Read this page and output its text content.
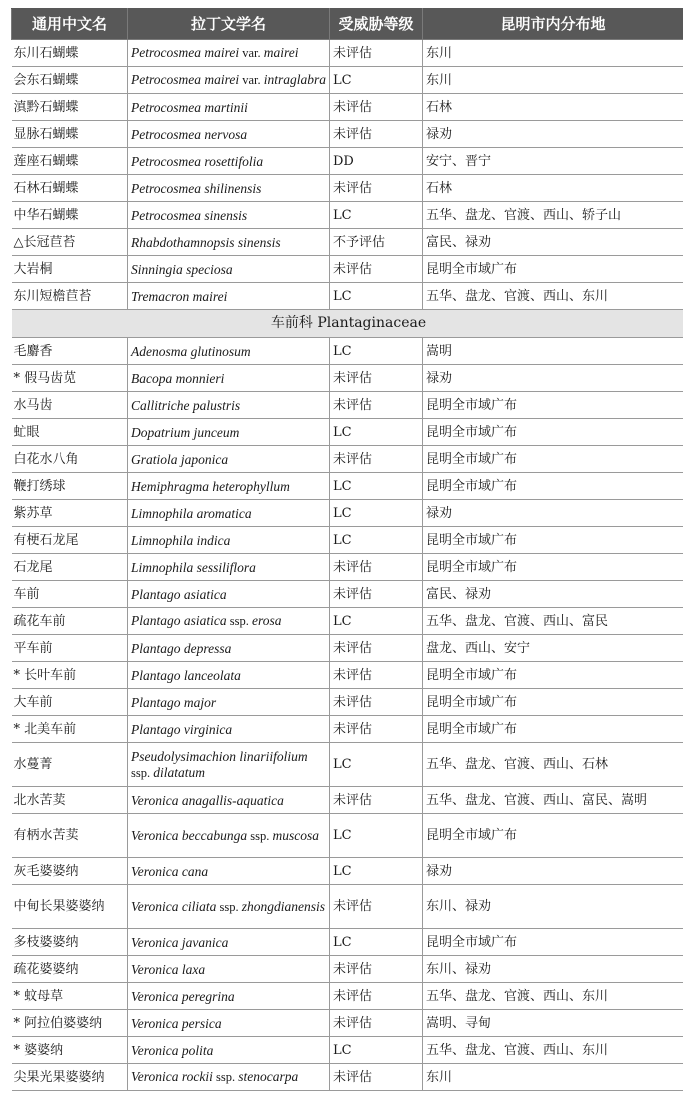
通用中文名	拉丁文学名	受威胁等级	昆明市内分布地
东川石蝴蝶	Petrocosmea mairei var. mairei	未评估	东川
会东石蝴蝶	Petrocosmea mairei var. intraglabra	LC	东川
滇黔石蝴蝶	Petrocosmea martinii	未评估	石林
显脉石蝴蝶	Petrocosmea nervosa	未评估	禄劝
莲座石蝴蝶	Petrocosmea rosettifolia	DD	安宁、晋宁
石林石蝴蝶	Petrocosmea shilinensis	未评估	石林
中华石蝴蝶	Petrocosmea sinensis	LC	五华、盘龙、官渡、西山、轿子山
△长冠苣苔	Rhabdothamnopsis sinensis	不予评估	富民、禄劝
大岩桐	Sinningia speciosa	未评估	昆明全市域广布
东川短檐苣苔	Tremacron mairei	LC	五华、盘龙、官渡、西山、东川
车前科 Plantaginaceae			
毛麝香	Adenosma glutinosum	LC	嵩明
* 假马齿苋	Bacopa monnieri	未评估	禄劝
水马齿	Callitriche palustris	未评估	昆明全市域广布
虻眼	Dopatrium junceum	LC	昆明全市域广布
白花水八角	Gratiola japonica	未评估	昆明全市域广布
鞭打绣球	Hemiphragma heterophyllum	LC	昆明全市域广布
紫苏草	Limnophila aromatica	LC	禄劝
有梗石龙尾	Limnophila indica	LC	昆明全市域广布
石龙尾	Limnophila sessiliflora	未评估	昆明全市域广布
车前	Plantago asiatica	未评估	富民、禄劝
疏花车前	Plantago asiatica ssp. erosa	LC	五华、盘龙、官渡、西山、富民
平车前	Plantago depressa	未评估	盘龙、西山、安宁
* 长叶车前	Plantago lanceolata	未评估	昆明全市域广布
大车前	Plantago major	未评估	昆明全市域广布
* 北美车前	Plantago virginica	未评估	昆明全市域广布
水蔓菁	Pseudolysimachion linariifolium ssp. dilatatum	LC	五华、盘龙、官渡、西山、石林
北水苦荬	Veronica anagallis-aquatica	未评估	五华、盘龙、官渡、西山、富民、嵩明
有柄水苦荬	Veronica beccabunga ssp. muscosa	LC	昆明全市域广布
灰毛婆婆纳	Veronica cana	LC	禄劝
中甸长果婆婆纳	Veronica ciliata ssp. zhongdianensis	未评估	东川、禄劝
多枝婆婆纳	Veronica javanica	LC	昆明全市域广布
疏花婆婆纳	Veronica laxa	未评估	东川、禄劝
* 蚊母草	Veronica peregrina	未评估	五华、盘龙、官渡、西山、东川
* 阿拉伯婆婆纳	Veronica persica	未评估	嵩明、寻甸
* 婆婆纳	Veronica polita	LC	五华、盘龙、官渡、西山、东川
尖果光果婆婆纳	Veronica rockii ssp. stenocarpa	未评估	东川
